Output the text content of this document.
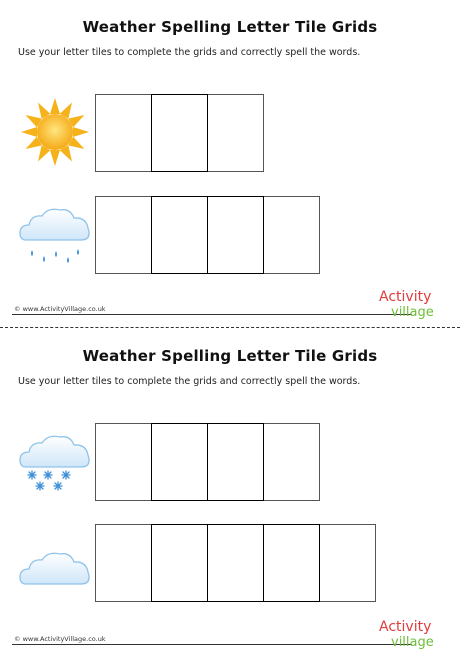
Weather Spelling Letter Tile Grids
Use your letter tiles to complete the grids and correctly spell the words.
© www.ActivityVillage.co.uk
Activity
village
Weather Spelling Letter Tile Grids
Use your letter tiles to complete the grids and correctly spell the words.
© www.ActivityVillage.co.uk
Activity
village
